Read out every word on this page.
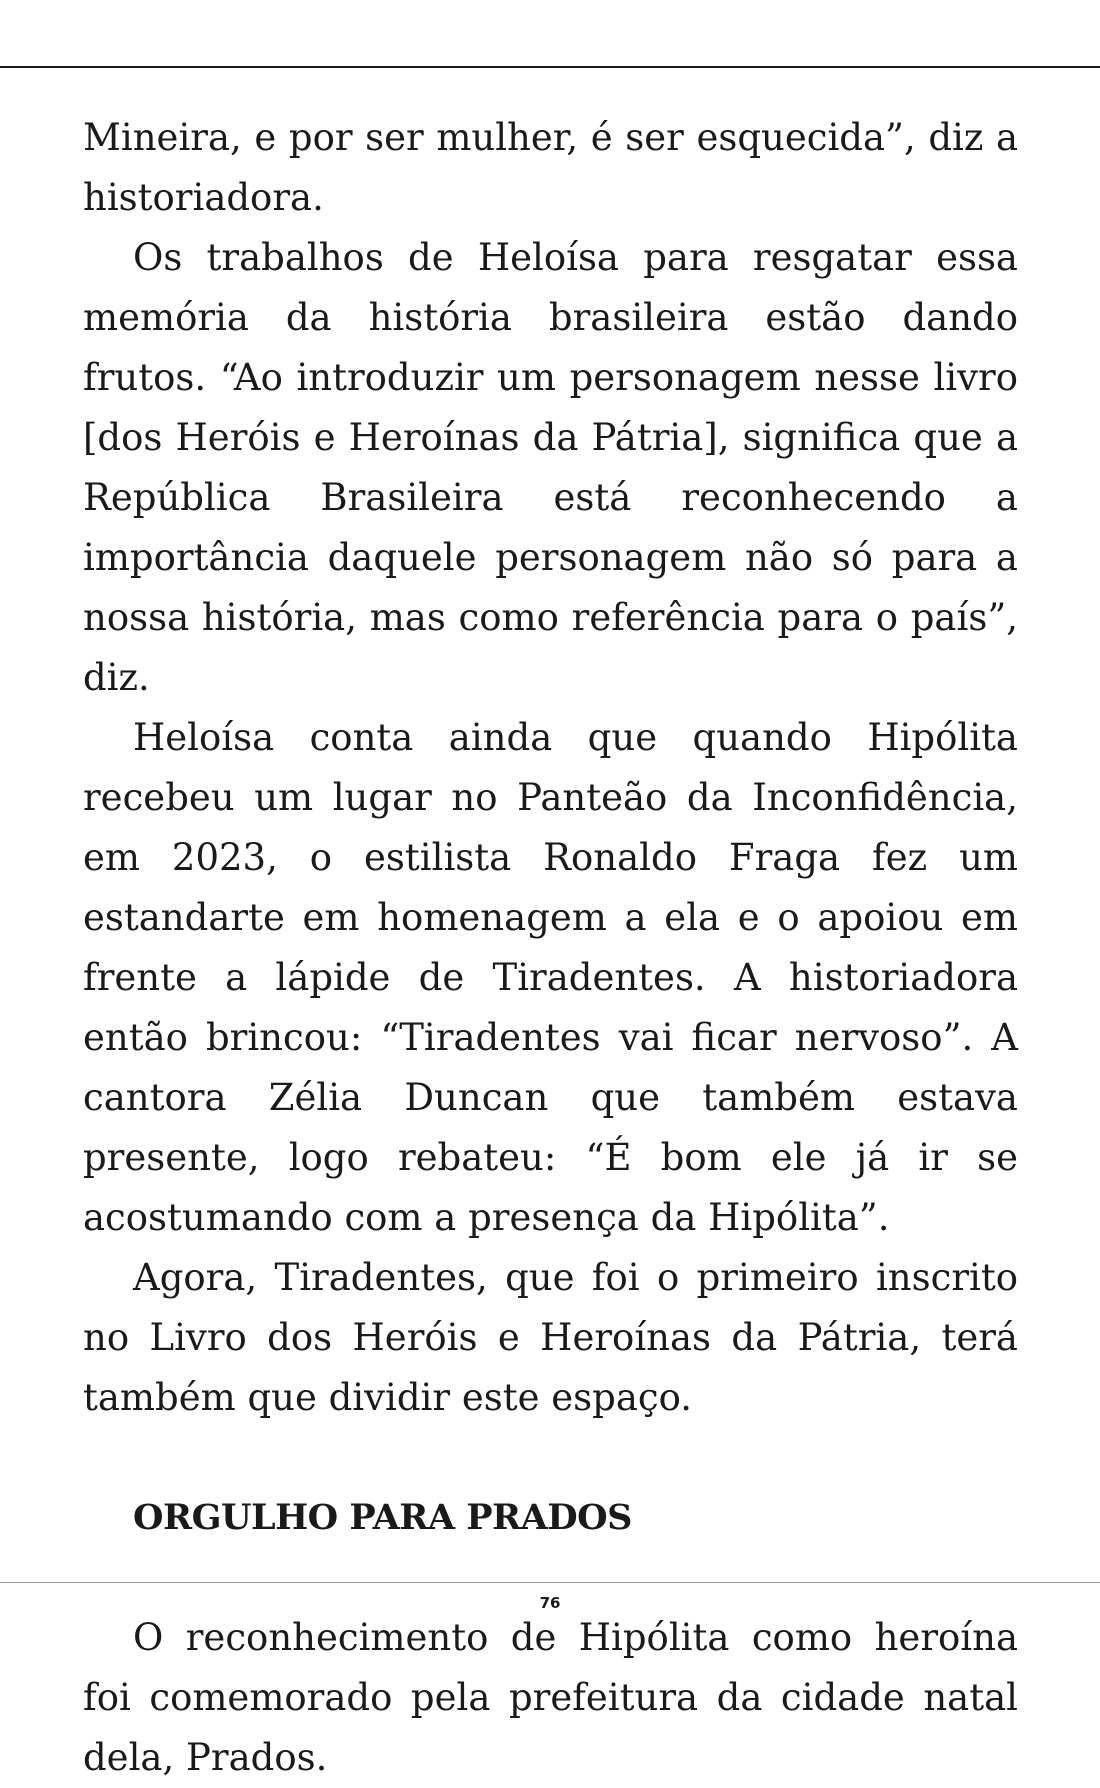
Mineira, e por ser mulher, é ser esquecida”, diz a historiadora.

Os trabalhos de Heloísa para resgatar essa memória da história brasileira estão dando frutos. “Ao introduzir um personagem nesse livro [dos Heróis e Heroínas da Pátria], significa que a República Brasileira está reconhecendo a importância daquele personagem não só para a nossa história, mas como referência para o país”, diz.

Heloísa conta ainda que quando Hipólita recebeu um lugar no Panteão da Inconfidência, em 2023, o estilista Ronaldo Fraga fez um estandarte em homenagem a ela e o apoiou em frente a lápide de Tiradentes. A historiadora então brincou: “Tiradentes vai ficar nervoso”. A cantora Zélia Duncan que também estava presente, logo rebateu: “É bom ele já ir se acostumando com a presença da Hipólita”.

Agora, Tiradentes, que foi o primeiro inscrito no Livro dos Heróis e Heroínas da Pátria, terá também que dividir este espaço.

ORGULHO PARA PRADOS

O reconhecimento de Hipólita como heroína foi comemorado pela prefeitura da cidade natal dela, Prados.

76
